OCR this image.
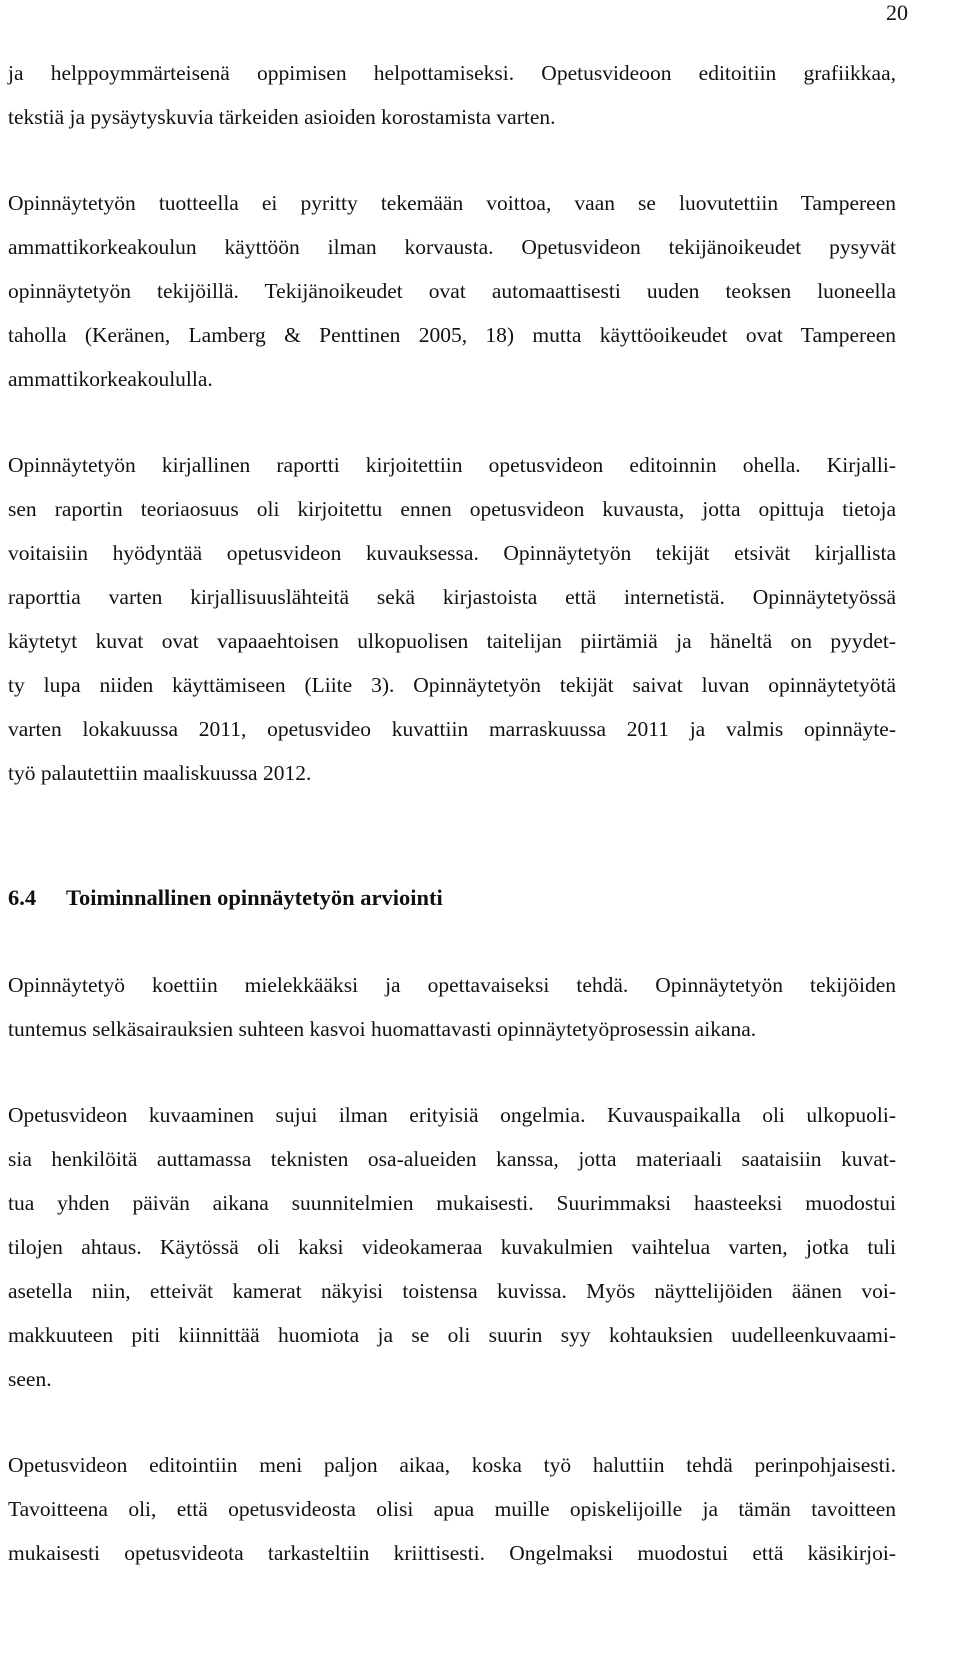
20
ja helppoymmärteisenä oppimisen helpottamiseksi. Opetusvideoon editoitiin grafiikkaa,
tekstiä ja pysäytyskuvia tärkeiden asioiden korostamista varten.
Opinnäytetyön tuotteella ei pyritty tekemään voittoa, vaan se luovutettiin Tampereen
ammattikorkeakoulun käyttöön ilman korvausta. Opetusvideon tekijänoikeudet pysyvät
opinnäytetyön tekijöillä. Tekijänoikeudet ovat automaattisesti uuden teoksen luoneella
taholla (Keränen, Lamberg & Penttinen 2005, 18) mutta käyttöoikeudet ovat Tampereen
ammattikorkeakoululla.
Opinnäytetyön kirjallinen raportti kirjoitettiin opetusvideon editoinnin ohella. Kirjalli-
sen raportin teoriaosuus oli kirjoitettu ennen opetusvideon kuvausta, jotta opittuja tietoja
voitaisiin hyödyntää opetusvideon kuvauksessa. Opinnäytetyön tekijät etsivät kirjallista
raporttia varten kirjallisuuslähteitä sekä kirjastoista että internetistä. Opinnäytetyössä
käytetyt kuvat ovat vapaaehtoisen ulkopuolisen taitelijan piirtämiä ja häneltä on pyydet-
ty lupa niiden käyttämiseen (Liite 3). Opinnäytetyön tekijät saivat luvan opinnäytetyötä
varten lokakuussa 2011, opetusvideo kuvattiin marraskuussa 2011 ja valmis opinnäyte-
työ palautettiin maaliskuussa 2012.
6.4 Toiminnallinen opinnäytetyön arviointi
Opinnäytetyö koettiin mielekkääksi ja opettavaiseksi tehdä. Opinnäytetyön tekijöiden
tuntemus selkäsairauksien suhteen kasvoi huomattavasti opinnäytetyöprosessin aikana.
Opetusvideon kuvaaminen sujui ilman erityisiä ongelmia. Kuvauspaikalla oli ulkopuoli-
sia henkilöitä auttamassa teknisten osa-alueiden kanssa, jotta materiaali saataisiin kuvat-
tua yhden päivän aikana suunnitelmien mukaisesti. Suurimmaksi haasteeksi muodostui
tilojen ahtaus. Käytössä oli kaksi videokameraa kuvakulmien vaihtelua varten, jotka tuli
asetella niin, etteivät kamerat näkyisi toistensa kuvissa. Myös näyttelijöiden äänen voi-
makkuuteen piti kiinnittää huomiota ja se oli suurin syy kohtauksien uudelleenkuvaami-
seen.
Opetusvideon editointiin meni paljon aikaa, koska työ haluttiin tehdä perinpohjaisesti.
Tavoitteena oli, että opetusvideosta olisi apua muille opiskelijoille ja tämän tavoitteen
mukaisesti opetusvideota tarkasteltiin kriittisesti. Ongelmaksi muodostui että käsikirjoi-
